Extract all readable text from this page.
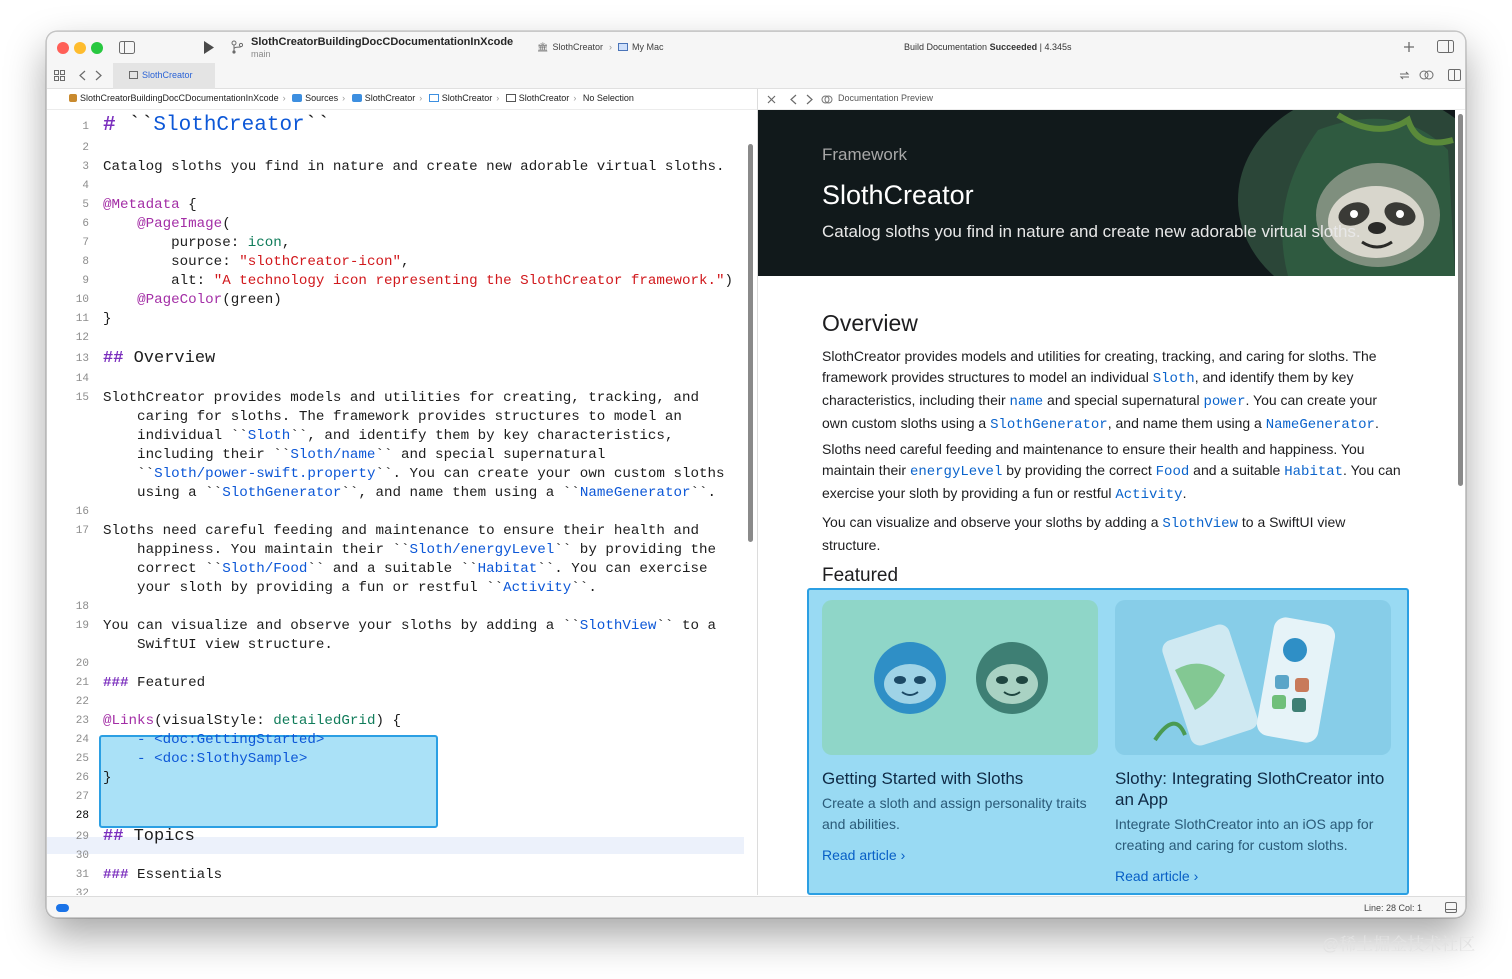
SlothCreatorBuildingDocCDocumentationInXcode
main
🏛 SlothCreator › My Mac	Build Documentation Succeeded | 4.345s
SlothCreator
SlothCreatorBuildingDocCDocumentationInXcode › Sources › SlothCreator › SlothCreator › SlothCreator › No Selection	Documentation Preview
1 # ``SlothCreator``
2
3 Catalog sloths you find in nature and create new adorable virtual sloths.
4
5 @Metadata {
6	@PageImage(
7 purpose: icon,
8 source: "slothCreator-icon",
9 alt: "A technology icon representing the SlothCreator framework.")
10	@PageColor(green)
11 }
12
13 ## Overview
14
15 SlothCreator provides models and utilities for creating, tracking, and
caring for sloths. The framework provides structures to model an
individual ``Sloth``, and identify them by key characteristics,
including their ``Sloth/name`` and special supernatural
``Sloth/power-swift.property``. You can create your own custom sloths
using a ``SlothGenerator``, and name them using a ``NameGenerator``.
16
17 Sloths need careful feeding and maintenance to ensure their health and
happiness. You maintain their ``Sloth/energyLevel`` by providing the
correct ``Sloth/Food`` and a suitable ``Habitat``. You can exercise
your sloth by providing a fun or restful ``Activity``.
18
19 You can visualize and observe your sloths by adding a ``SlothView`` to a
SwiftUI view structure.
20
21 ### Featured
22
23 @Links(visualStyle: detailedGrid) {
24 - <doc:GettingStarted>
25 - <doc:SlothySample>
26 }
27
28
29 ## Topics
30
31 ### Essentials
32
Framework
SlothCreator
Catalog sloths you find in nature and create new adorable virtual sloths.
Overview
SlothCreator provides models and utilities for creating, tracking, and caring for sloths. The framework provides structures to model an individual Sloth, and identify them by key characteristics, including their name and special supernatural power. You can create your own custom sloths using a SlothGenerator, and name them using a NameGenerator.
Sloths need careful feeding and maintenance to ensure their health and happiness. You maintain their energyLevel by providing the correct Food and a suitable Habitat. You can exercise your sloth by providing a fun or restful Activity.
You can visualize and observe your sloths by adding a SlothView to a SwiftUI view structure.
Featured
Getting Started with Sloths
Create a sloth and assign personality traits and abilities.
Read article ›
Slothy: Integrating SlothCreator into an App
Integrate SlothCreator into an iOS app for creating and caring for custom sloths.
Read article ›
Line: 28 Col: 1
@稀土掘金技术社区
